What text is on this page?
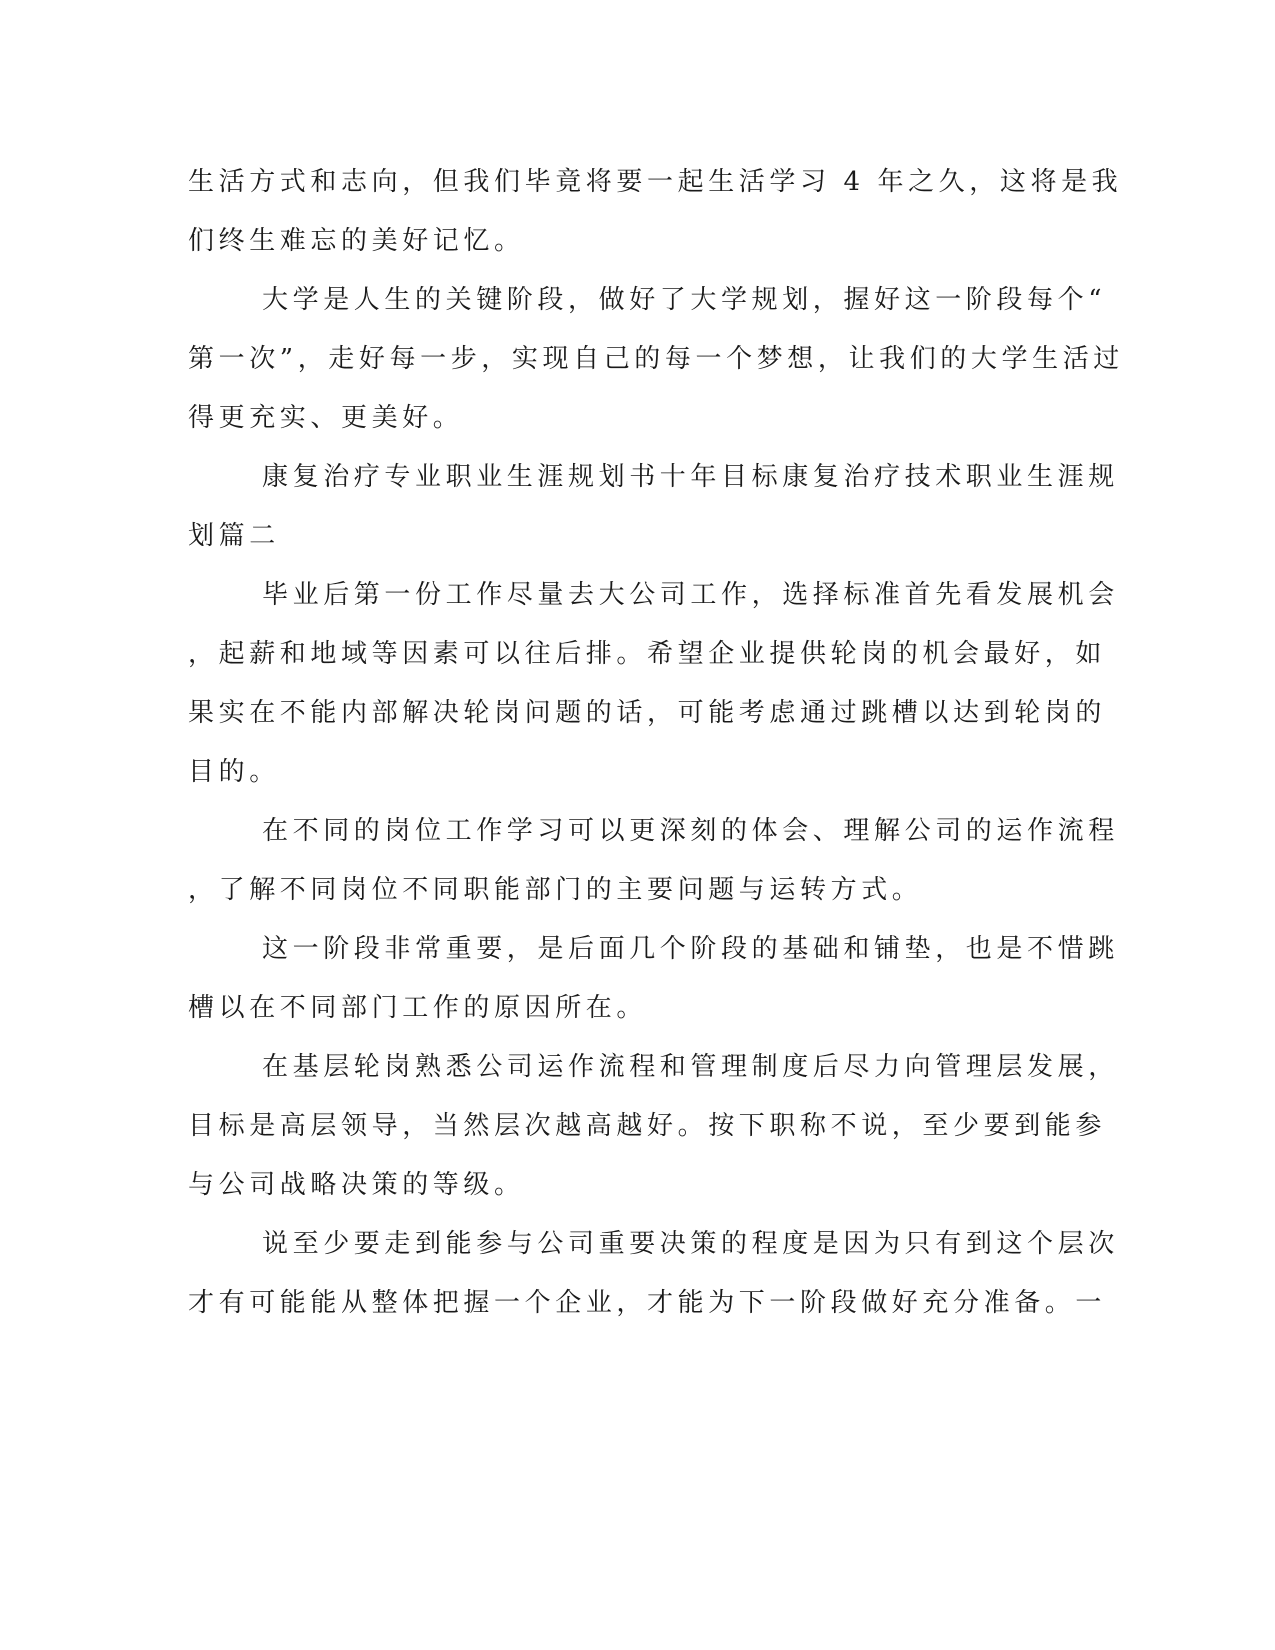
生活方式和志向，但我们毕竟将要一起生活学习 4 年之久，这将是我
们终生难忘的美好记忆。
大学是人生的关键阶段，做好了大学规划，握好这一阶段每个“
第一次”，走好每一步，实现自己的每一个梦想，让我们的大学生活过
得更充实、更美好。
康复治疗专业职业生涯规划书十年目标康复治疗技术职业生涯规
划篇二
毕业后第一份工作尽量去大公司工作，选择标准首先看发展机会
，起薪和地域等因素可以往后排。希望企业提供轮岗的机会最好，如
果实在不能内部解决轮岗问题的话，可能考虑通过跳槽以达到轮岗的
目的。
在不同的岗位工作学习可以更深刻的体会、理解公司的运作流程
，了解不同岗位不同职能部门的主要问题与运转方式。
这一阶段非常重要，是后面几个阶段的基础和铺垫，也是不惜跳
槽以在不同部门工作的原因所在。
在基层轮岗熟悉公司运作流程和管理制度后尽力向管理层发展，
目标是高层领导，当然层次越高越好。按下职称不说，至少要到能参
与公司战略决策的等级。
说至少要走到能参与公司重要决策的程度是因为只有到这个层次
才有可能能从整体把握一个企业，才能为下一阶段做好充分准备。一
